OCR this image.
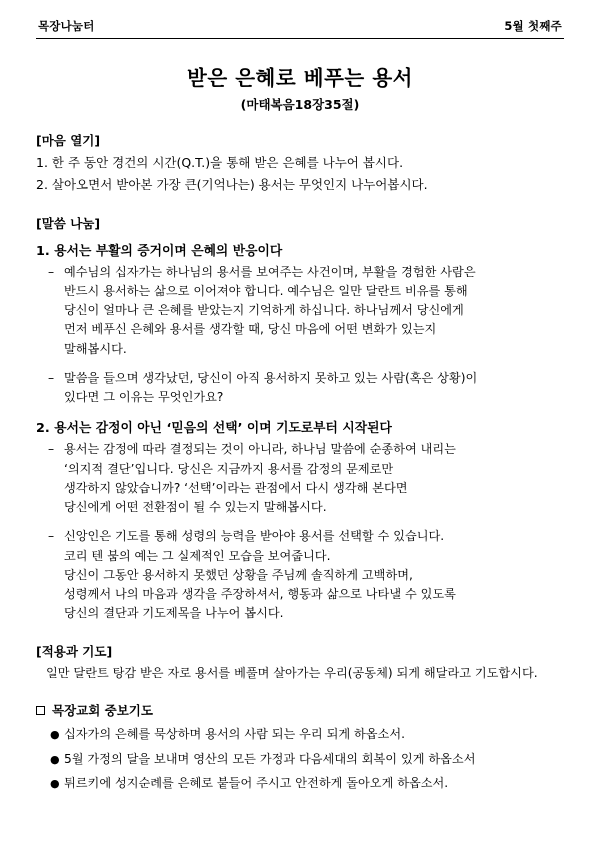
목장나눔터	5월 첫째주
받은 은혜로 베푸는 용서
(마태복음18장35절)
[마음 열기]

1. 한 주 동안 경건의 시간(Q.T.)을 통해 받은 은혜를 나누어 봅시다.

2. 살아오면서 받아본 가장 큰(기억나는) 용서는 무엇인지 나누어봅시다.

[말씀 나눔]
1. 용서는 부활의 증거이며 은혜의 반응이다
– 예수님의 십자가는 하나님의 용서를 보여주는 사건이며, 부활을 경험한 사람은
반드시 용서하는 삶으로 이어져야 합니다. 예수님은 일만 달란트 비유를 통해
당신이 얼마나 큰 은혜를 받았는지 기억하게 하십니다. 하나님께서 당신에게
먼저 베푸신 은혜와 용서를 생각할 때, 당신 마음에 어떤 변화가 있는지
말해봅시다.
– 말씀을 들으며 생각났던, 당신이 아직 용서하지 못하고 있는 사람(혹은 상황)이
있다면 그 이유는 무엇인가요?
2. 용서는 감정이 아닌 ‘믿음의 선택’ 이며 기도로부터 시작된다
– 용서는 감정에 따라 결정되는 것이 아니라, 하나님 말씀에 순종하여 내리는
‘의지적 결단’입니다. 당신은 지금까지 용서를 감정의 문제로만
생각하지 않았습니까? ‘선택’이라는 관점에서 다시 생각해 본다면
당신에게 어떤 전환점이 될 수 있는지 말해봅시다.
– 신앙인은 기도를 통해 성령의 능력을 받아야 용서를 선택할 수 있습니다.
코리 텐 붐의 예는 그 실제적인 모습을 보여줍니다.
당신이 그동안 용서하지 못했던 상황을 주님께 솔직하게 고백하며,
성령께서 나의 마음과 생각을 주장하셔서, 행동과 삶으로 나타낼 수 있도록
당신의 결단과 기도제목을 나누어 봅시다.
[적용과 기도]
일만 달란트 탕감 받은 자로 용서를 베풀며 살아가는 우리(공동체) 되게 해달라고 기도합시다.
목장교회 중보기도
● 십자가의 은혜를 묵상하며 용서의 사람 되는 우리 되게 하옵소서.
● 5월 가정의 달을 보내며 영산의 모든 가정과 다음세대의 회복이 있게 하옵소서
● 튀르키에 성지순례를 은혜로 붙들어 주시고 안전하게 돌아오게 하옵소서.
